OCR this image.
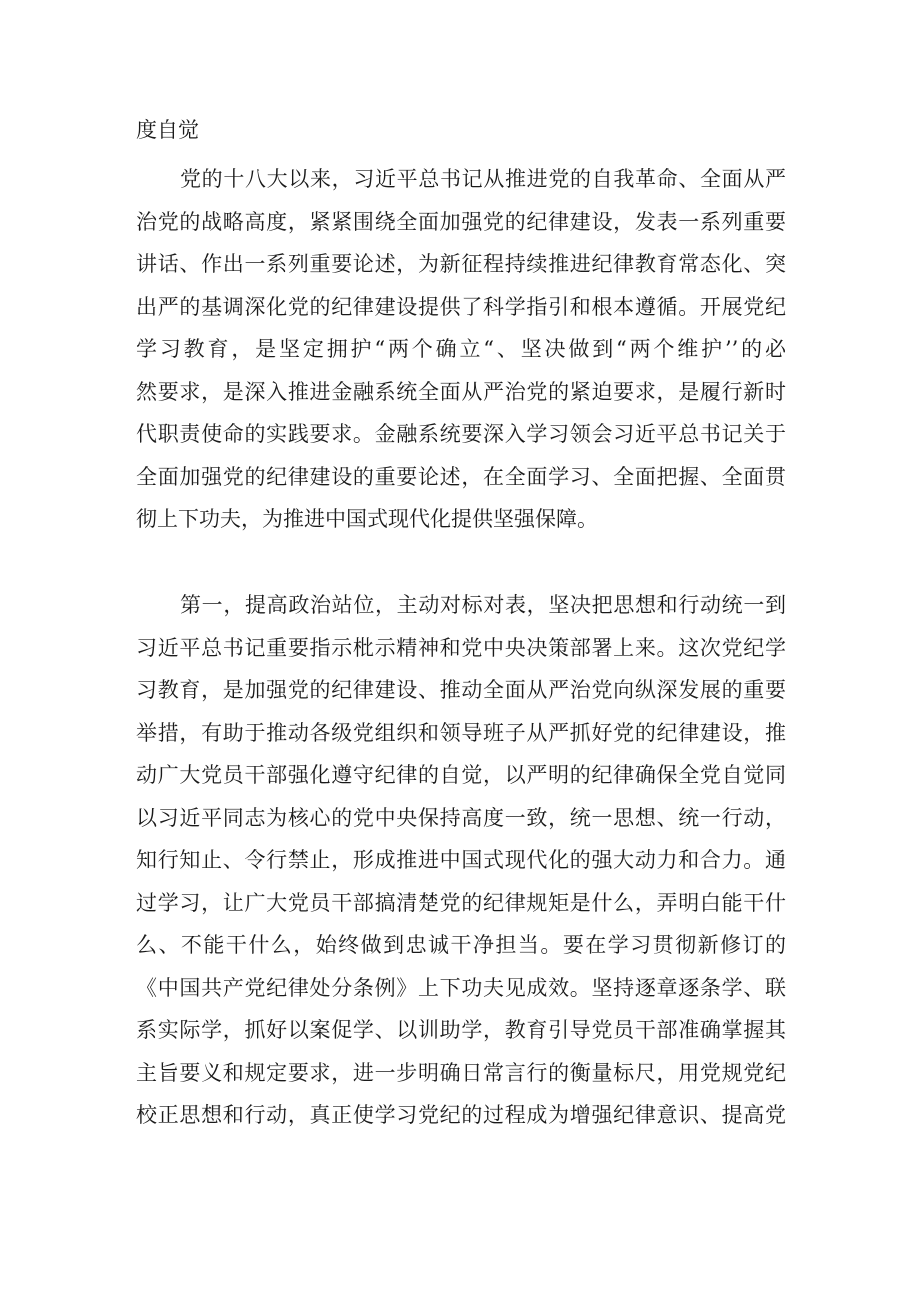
度自觉
党的十八大以来，习近平总书记从推进党的自我革命、全面从严
治党的战略高度，紧紧围绕全面加强党的纪律建设，发表一系列重要
讲话、作出一系列重要论述，为新征程持续推进纪律教育常态化、突
出严的基调深化党的纪律建设提供了科学指引和根本遵循。开展党纪
学习教育，是坚定拥护“两个确立“、坚决做到“两个维护’’的必
然要求，是深入推进金融系统全面从严治党的紧迫要求，是履行新时
代职责使命的实践要求。金融系统要深入学习领会习近平总书记关于
全面加强党的纪律建设的重要论述，在全面学习、全面把握、全面贯
彻上下功夫，为推进中国式现代化提供坚强保障。
第一，提高政治站位，主动对标对表，坚决把思想和行动统一到
习近平总书记重要指示枇示精神和党中央决策部署上来。这次党纪学
习教育，是加强党的纪律建设、推动全面从严治党向纵深发展的重要
举措，有助于推动各级党组织和领导班子从严抓好党的纪律建设，推
动广大党员干部强化遵守纪律的自觉，以严明的纪律确保全党自觉同
以习近平同志为核心的党中央保持高度一致，统一思想、统一行动，
知行知止、令行禁止，形成推进中国式现代化的强大动力和合力。通
过学习，让广大党员干部搞清楚党的纪律规矩是什么，弄明白能干什
么、不能干什么，始终做到忠诚干净担当。要在学习贯彻新修订的
《中国共产党纪律处分条例》上下功夫见成效。坚持逐章逐条学、联
系实际学，抓好以案促学、以训助学，教育引导党员干部准确掌握其
主旨要义和规定要求，进一步明确日常言行的衡量标尺，用党规党纪
校正思想和行动，真正使学习党纪的过程成为增强纪律意识、提高党
